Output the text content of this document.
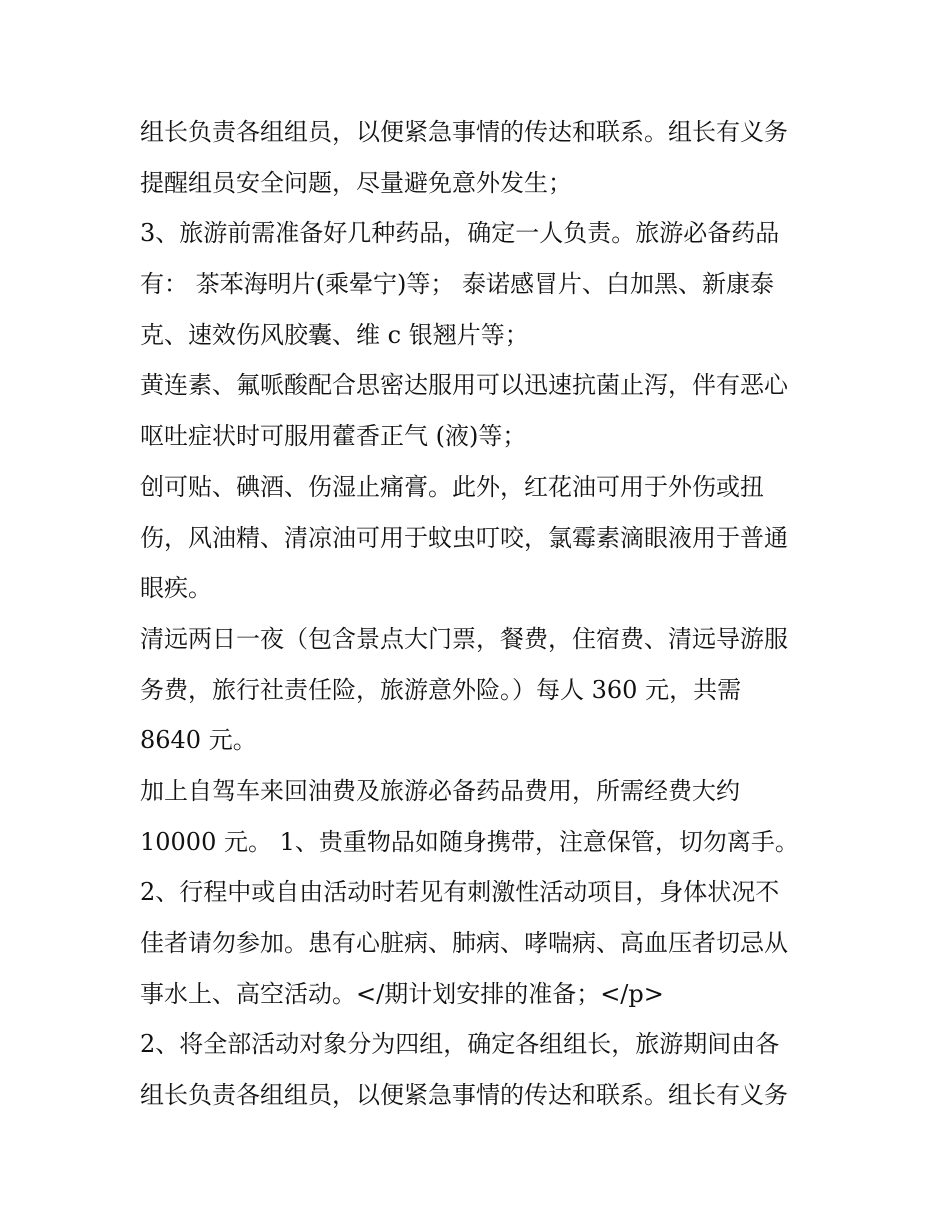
组长负责各组组员，以便紧急事情的传达和联系。组长有义务
提醒组员安全问题，尽量避免意外发生；
3、旅游前需准备好几种药品，确定一人负责。旅游必备药品
有： 茶苯海明片(乘晕宁)等； 泰诺感冒片、白加黑、新康泰
克、速效伤风胶囊、维 c 银翘片等；
黄连素、氟哌酸配合思密达服用可以迅速抗菌止泻，伴有恶心
呕吐症状时可服用藿香正气 (液)等；
创可贴、碘酒、伤湿止痛膏。此外，红花油可用于外伤或扭
伤，风油精、清凉油可用于蚊虫叮咬，氯霉素滴眼液用于普通
眼疾。
清远两日一夜（包含景点大门票，餐费，住宿费、清远导游服
务费，旅行社责任险，旅游意外险。）每人 360 元，共需
8640 元。
加上自驾车来回油费及旅游必备药品费用，所需经费大约
10000 元。 1、贵重物品如随身携带，注意保管，切勿离手。
2、行程中或自由活动时若见有刺激性活动项目，身体状况不
佳者请勿参加。患有心脏病、肺病、哮喘病、高血压者切忌从
事水上、高空活动。</期计划安排的准备；</p>
2、将全部活动对象分为四组，确定各组组长，旅游期间由各
组长负责各组组员，以便紧急事情的传达和联系。组长有义务
